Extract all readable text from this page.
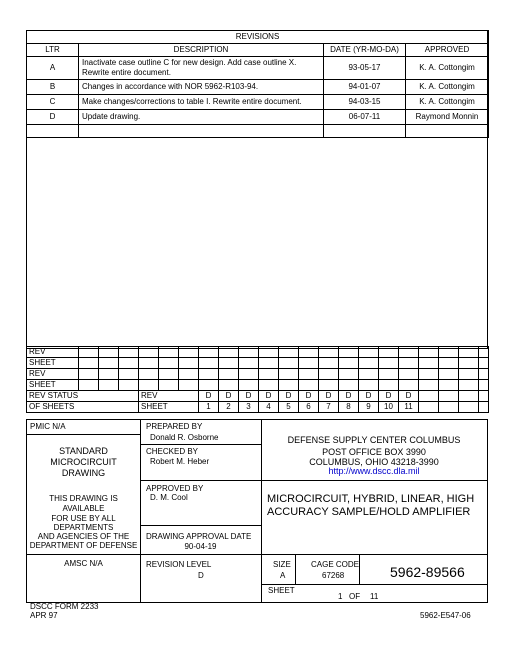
REVISIONS			
LTR	DESCRIPTION	DATE (YR-MO-DA)	APPROVED
A	Inactivate case outline C for new design. Add case outline X. Rewrite entire document.	93-05-17	K. A. Cottongim
B	Changes in accordance with NOR 5962-R103-94.	94-01-07	K. A. Cottongim
C	Make changes/corrections to table I. Rewrite entire document.	94-03-15	K. A. Cottongim
D	Update drawing.	06-07-11	Raymond Monnin

REV																					
SHEET																					
REV																					
SHEET																					
REV STATUS				REV			D	D	D	D	D	D	D	D	D	D	D				
OF SHEETS				SHEET			1	2	3	4	5	6	7	8	9	10	11				
PMIC N/A
STANDARD
MICROCIRCUIT
DRAWING
THIS DRAWING IS
AVAILABLE
FOR USE BY ALL
DEPARTMENTS
AND AGENCIES OF THE
DEPARTMENT OF DEFENSE
AMSC N/A
PREPARED BY
Donald R. Osborne
CHECKED BY
Robert M. Heber
APPROVED BY
D. M. Cool
DRAWING APPROVAL DATE
90-04-19
REVISION LEVEL
D
DEFENSE SUPPLY CENTER COLUMBUS
POST OFFICE BOX 3990
COLUMBUS, OHIO 43218-3990
http://www.dscc.dla.mil
MICROCIRCUIT, HYBRID, LINEAR, HIGH
ACCURACY SAMPLE/HOLD AMPLIFIER
SIZE
A
CAGE CODE
67268	5962-89566
SHEET
1 OF 11
DSCC FORM 2233
APR 97	5962-E547-06
